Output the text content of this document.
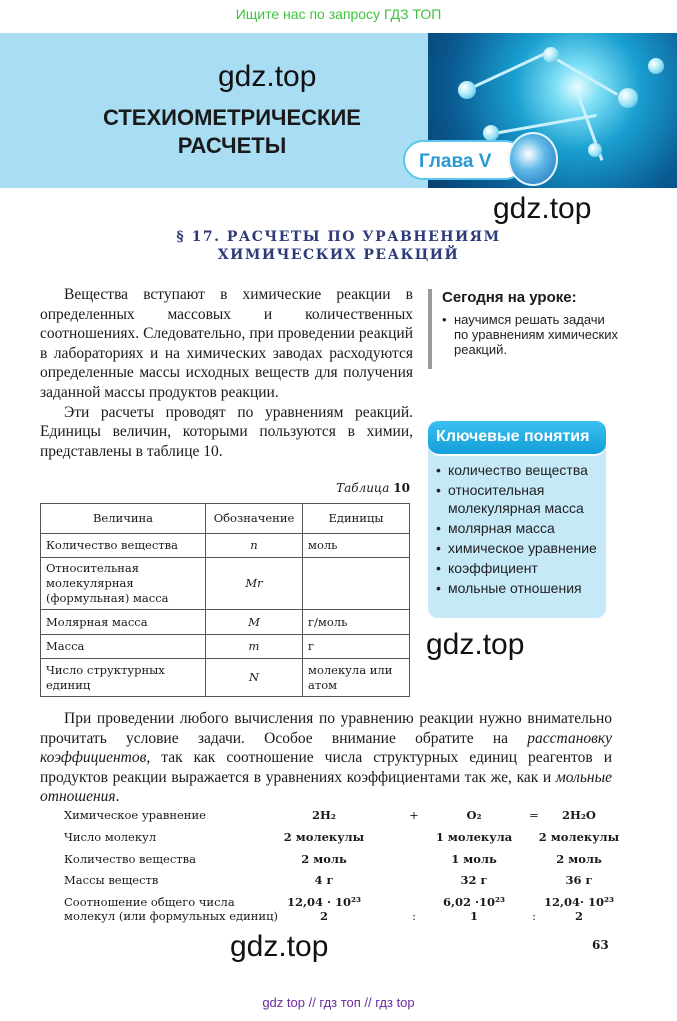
Ищите нас по запросу ГДЗ ТОП
gdz.top
СТЕХИОМЕТРИЧЕСКИЕ
РАСЧЕТЫ
Глава V
gdz.top
§ 17. РАСЧЕТЫ ПО УРАВНЕНИЯМ
ХИМИЧЕСКИХ РЕАКЦИЙ

Вещества вступают в химические реакции в определенных массовых и количественных соотношениях. Следовательно, при проведении реакций в лабораториях и на химических заводах расходуются определенные массы исходных веществ для получения заданной массы продуктов реакции.

Эти расчеты проводят по уравнениям реакций. Единицы величин, которыми пользуются в химии, представлены в таблице 10.

Сегодня на уроке:
• научимся решать задачи по уравнениям химических реакций.
Ключевые понятия
• количество вещества
• относительная молекулярная масса
• молярная масса
• химическое уравнение
• коэффициент
• мольные отношения
Таблица 10
Величина	Обозначение	Единицы
Количество вещества	n	моль
Относительная молекулярная (формульная) масса	Mr	
Молярная масса	M	г/моль
Масса	m	г
Число структурных единиц	N	молекула или атом
gdz.top

При проведении любого вычисления по уравнению реакции нужно внимательно прочитать условие задачи. Особое внимание обратите на расстановку коэффициентов, так как соотношение числа структурных единиц реагентов и продуктов реакции выражается в уравнениях коэффициентами так же, как и мольные отношения.

Химическое уравнение	2H₂	+	O₂	=	2H₂O
Число молекул	2 молекулы	1 молекула	2 молекулы
Количество вещества	2 моль	1 моль	2 моль
Массы веществ	4 г	32 г	36 г
Соотношение общего числа	12,04 · 10²³	6,02 ·10²³	12,04· 10²³
молекул (или формульных единиц)	2	:	1	:	2
gdz.top	63
gdz top // гдз топ // гдз top
